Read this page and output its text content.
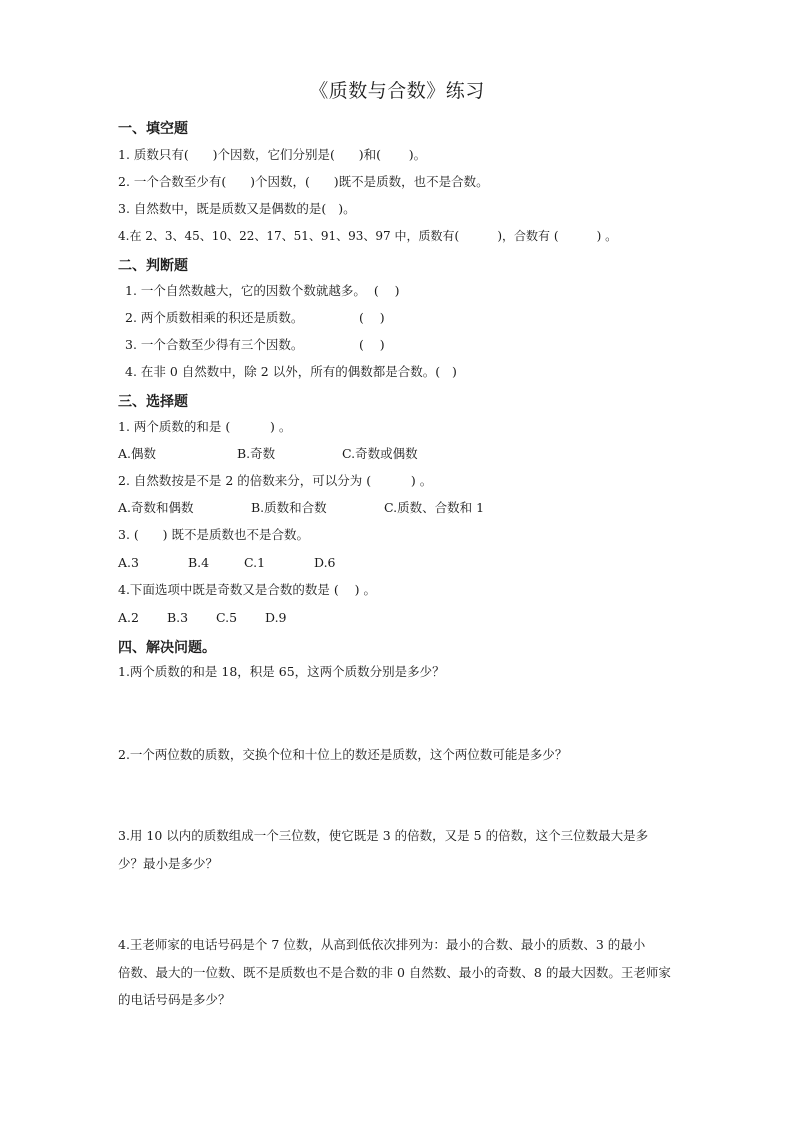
《质数与合数》练习
一、填空题
1. 质数只有(      )个因数，它们分别是(      )和(       )。
2. 一个合数至少有(      )个因数，(      )既不是质数，也不是合数。
3. 自然数中，既是质数又是偶数的是(   )。
4.在 2、3、45、10、22、17、51、91、93、97 中，质数有(          )，合数有 (          ) 。
二、判断题
1. 一个自然数越大，它的因数个数就越多。  (    )
2. 两个质数相乘的积还是质数。              (    )
3. 一个合数至少得有三个因数。              (    )
4. 在非 0 自然数中，除 2 以外，所有的偶数都是合数。(   )
三、选择题
1. 两个质数的和是 (          ) 。
A.偶数	B.奇数	C.奇数或偶数
2. 自然数按是不是 2 的倍数来分，可以分为 (          ) 。
A.奇数和偶数	B.质数和合数	C.质数、合数和 1
3. (      ) 既不是质数也不是合数。
A.3	B.4	C.1	D.6
4.下面选项中既是奇数又是合数的数是 (    ) 。
A.2 B.3 C.5 D.9
四、解决问题。
1.两个质数的和是 18，积是 65，这两个质数分别是多少？
2.一个两位数的质数，交换个位和十位上的数还是质数，这个两位数可能是多少？
3.用 10 以内的质数组成一个三位数，使它既是 3 的倍数，又是 5 的倍数，这个三位数最大是多
少？最小是多少？
4.王老师家的电话号码是个 7 位数，从高到低依次排列为：最小的合数、最小的质数、3 的最小
倍数、最大的一位数、既不是质数也不是合数的非 0 自然数、最小的奇数、8 的最大因数。王老师家
的电话号码是多少？
